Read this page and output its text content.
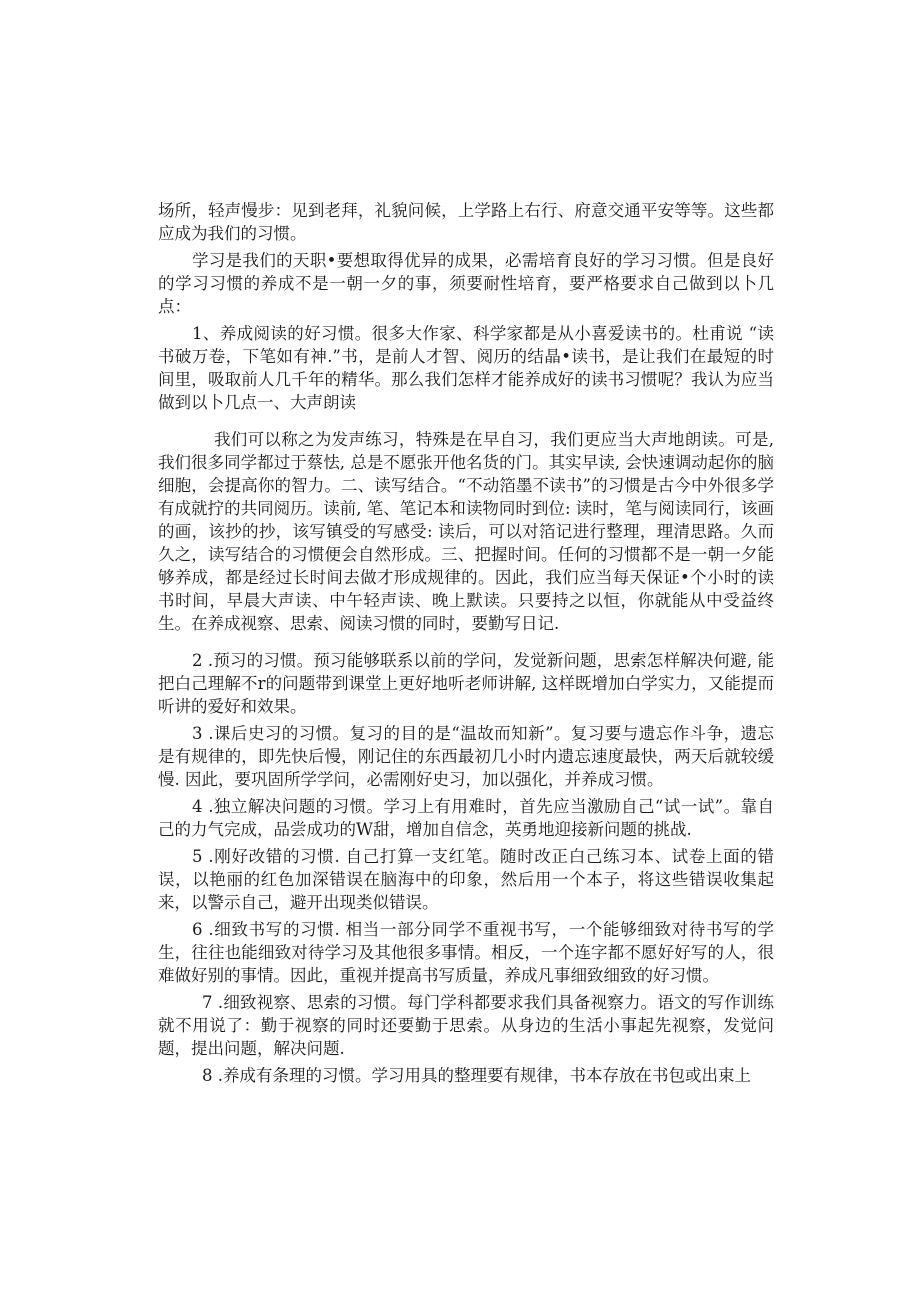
场所，轻声慢步：见到老拜，礼貌问候，上学路上右行、府意交通平安等等。这些都应成为我们的习惯。

学习是我们的天职•要想取得优异的成果，必需培育良好的学习习惯。但是良好的学习习惯的养成不是一朝一夕的事，须要耐性培育，要严格要求自己做到以卜几点：

1、养成阅读的好习惯。很多大作家、科学家都是从小喜爱读书的。杜甫说 “读书破万卷，下笔如有神.”书，是前人才智、阅历的结晶•读书，是让我们在最短的时间里，吸取前人几千年的精华。那么我们怎样才能养成好的读书习惯呢？我认为应当做到以卜几点一、大声朗读

我们可以称之为发声练习，特殊是在早自习，我们更应当大声地朗读。可是,我们很多同学都过于蔡怯, 总是不愿张开他名货的门。其实早读, 会快速调动起你的脑细胞，会提高你的智力。二、读写结合。“不动箔墨不读书”的习惯是古今中外很多学有成就拧的共同阅历。读前, 笔、笔记本和读物同时到位: 读时，笔与阅读同行，该画的画，该抄的抄，该写镇受的写感受: 读后，可以对箔记进行整理，理清思路。久而久之，读写结合的习惯便会自然形成。三、把握时间。任何的习惯都不是一朝一夕能够养成，都是经过长时间去做才形成规律的。因此，我们应当每天保证•个小时的读书时间，早晨大声读、中午轻声读、晚上默读。只要持之以恒，你就能从中受益终生。在养成视察、思索、阅读习惯的同时，要勤写日记.

2 .预习的习惯。预习能够联系以前的学问，发觉新问题，思索怎样解决何避, 能把白己理解不r的问题带到课堂上更好地听老师讲解, 这样既增加白学实力，又能提而听讲的爱好和效果。

3 .课后史习的习惯。复习的目的是“温故而知新”。复习要与遗忘作斗争，遗忘是有规律的，即先快后慢，刚记住的东西最初几小时内遗忘速度最快，两天后就较缓慢. 因此，要巩固所学学问，必需刚好史习，加以强化，并养成习惯。

4 .独立解决问题的习惯。学习上有用难时，首先应当激励自己“试一试”。靠自己的力气完成，品尝成功的W甜，增加自信念，英勇地迎接新问题的挑战.

5 .刚好改错的习惯. 自己打算一支红笔。随时改正白己练习本、试卷上面的错误，以艳丽的红色加深错误在脑海中的印象，然后用一个本子，将这些错误收集起来，以警示自己，避开出现类似错误。

6 .细致书写的习惯. 相当一部分同学不重视书写，一个能够细致对待书写的学生，往往也能细致对待学习及其他很多事情。相反，一个连字都不愿好好写的人，很难做好别的事情。因此，重视并提高书写质量，养成凡事细致细致的好习惯。

7 .细致视察、思索的习惯。每门学科都要求我们具备视察力。语文的写作训练就不用说了：勤于视察的同时还要勤于思索。从身边的生活小事起先视察，发觉问题，提出问题，解决问题.

8 .养成有条理的习惯。学习用具的整理要有规律，书本存放在书包或出束上
